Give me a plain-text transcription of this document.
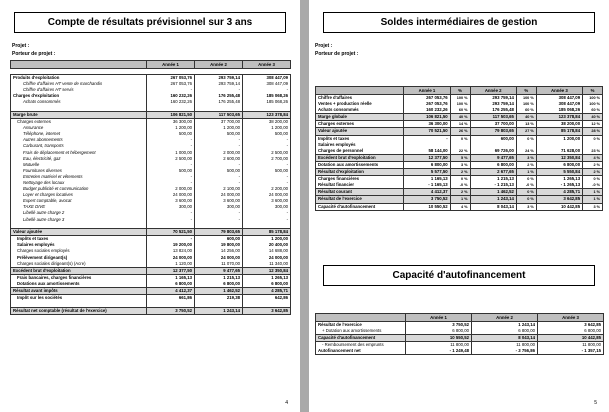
Compte de résultats prévisionnel sur 3 ans
Projet :
Porteur de projet :
	Année 1	Année 2	Année 3

Produits d'exploitation	267 053,76	293 759,14	308 447,09
Chiffre d'affaires HT vente de marchandis	267 053,76	293 759,14	308 447,09
Chiffre d'affaires HT servis	-	-	-
Charges d'exploitation	160 232,26	176 255,48	185 068,26
Achats consommés	160 232,26	176 255,48	185 068,26

Marge brute	106 821,50	117 503,65	123 378,84
Charges externes	36 300,00	37 700,00	38 200,00
Assurance	1 200,00	1 200,00	1 200,00
Téléphone, internet	500,00	500,00	500,00
Autres abonnements	-	-	-
Carburant, transports	-	-	-
Frais de déplacement et hébergement	1 000,00	2 000,00	2 500,00
Eau, électricité, gaz	2 500,00	2 600,00	2 700,00
Mutuelle	-	-	-
Fournitures diverses	500,00	500,00	500,00
Entretien matériel et vêtements	-	-	-
Nettoyage des locaux	-	-	-
Budget publicité et communication	2 000,00	2 100,00	2 200,00
Loyer et charges locatives	24 000,00	24 000,00	24 000,00
Expert comptable, avocat	3 600,00	3 600,00	3 600,00
TAXE DIVE	300,00	300,00	300,00
Libellé autre charge 2	-	-	-
Libellé autre charge 3	-	-	-

Valeur ajoutée	70 521,50	79 803,65	85 178,84
Impôts et taxes	-	600,00	1 200,00
Salaires employés	19 200,00	19 800,00	20 400,00
Charges sociales employés	13 824,00	14 256,00	14 688,00
Prélèvement dirigeant(s)	24 000,00	24 000,00	24 000,00
Charges sociales dirigeant(s) (Acre)	1 120,00	11 070,00	11 340,00
Excédent brut d'exploitation	12 377,50	9 477,65	12 350,84
Frais bancaires, charges financières	1 165,13	1 215,13	1 265,13
Dotations aux amortissements	6 800,00	6 800,00	6 800,00
Résultat avant impôts	4 412,37	1 462,52	4 285,71
Impôt sur les sociétés	661,86	219,38	642,86

Résultat net comptable (résultat de l'exercice)	3 750,52	1 243,14	3 642,85
4
Soldes intermédiaires de gestion
Projet :
Porteur de projet :
	Année 1	%	Année 2	%	Année 3	%
Chiffre d'affaires	267 053,76	100 %	293 759,14	100 %	308 447,09	100 %
Ventes + production réelle	267 053,76	100 %	293 759,14	100 %	308 447,09	100 %
Achats consommés	160 232,26	60 %	176 255,48	60 %	185 068,26	60 %
Marge globale	106 821,50	40 %	117 503,65	40 %	123 378,84	40 %
Charges externes	36 300,00	14 %	37 700,00	13 %	38 200,00	12 %
Valeur ajoutée	70 521,50	26 %	79 803,65	27 %	85 178,84	28 %
Impôts et taxes	-	0 %	600,00	0 %	1 200,00	0 %
Salaires employés						
Charges de personnel	58 144,00	22 %	69 726,00	24 %	71 628,00	23 %
Excédent brut d'exploitation	12 377,50	5 %	9 477,65	3 %	12 350,84	4 %
Dotation aux amortissements	6 800,00	3 %	6 800,00	2 %	6 800,00	2 %
Résultat d'exploitation	5 577,50	2 %	2 677,65	1 %	5 550,84	2 %
Charges financières	1 165,13	0 %	1 215,13	0 %	1 265,13	0 %
Résultat financier	- 1 165,13	-0 %	- 1 215,13	-0 %	- 1 265,13	-0 %
Résultat courant	4 412,37	2 %	1 462,52	0 %	4 285,71	1 %
Résultat de l'exercice	3 750,52	1 %	1 243,14	0 %	3 642,85	1 %
Capacité d'autofinancement	10 550,52	4 %	8 043,14	3 %	10 442,85	3 %
Capacité d'autofinancement
	Année 1	Année 2	Année 3
Résultat de l'exercice	3 750,52	1 243,14	3 642,85
+ Dotation aux amortissements	6 800,00	6 800,00	6 800,00
Capacité d'autofinancement	10 550,52	8 043,14	10 442,85
- Remboursement des emprunts	11 800,00	11 800,00	11 800,00
Autofinancement net	- 1 249,48	- 3 756,86	- 1 357,15
5
